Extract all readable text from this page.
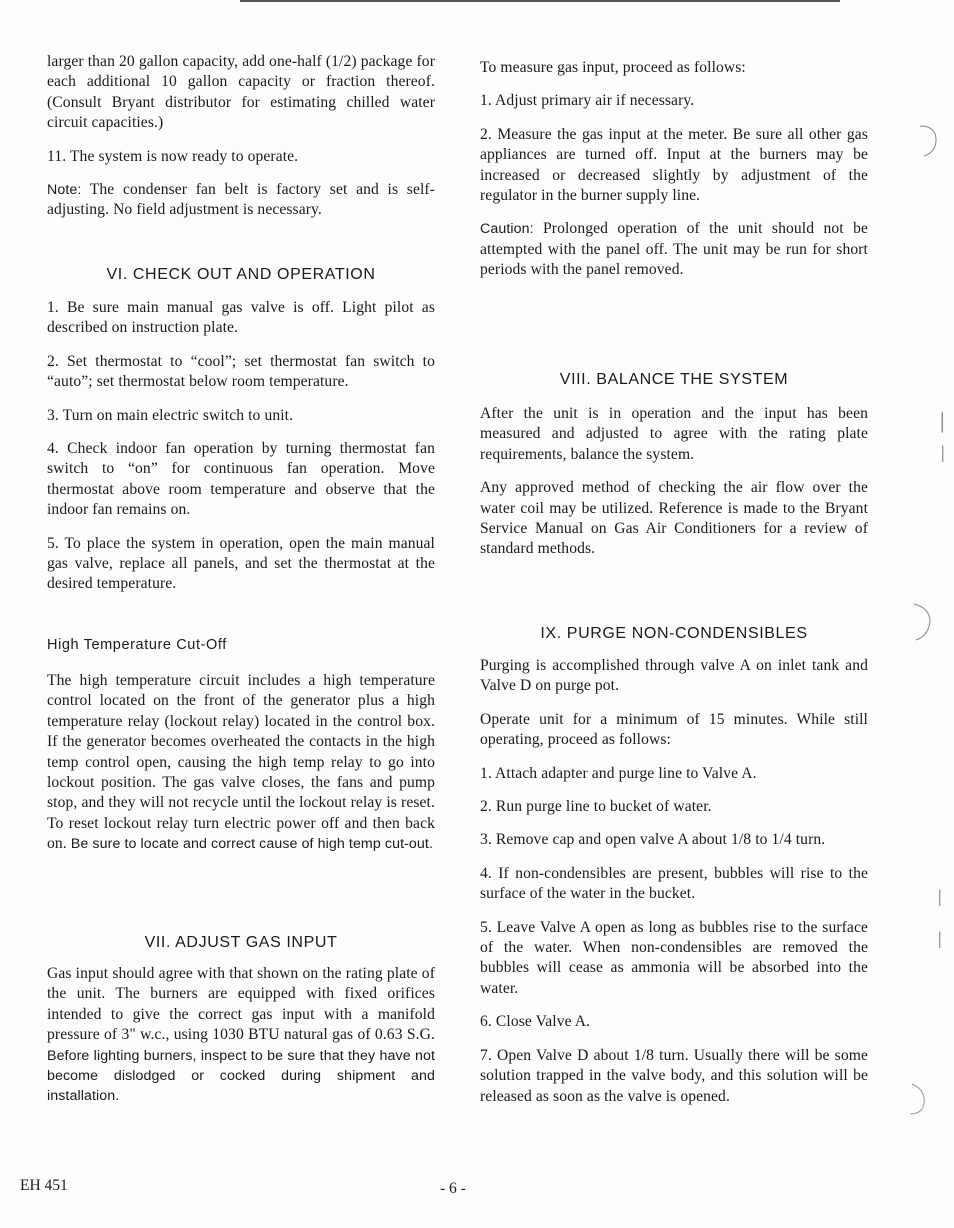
larger than 20 gallon capacity, add one-half (1/2) package for each additional 10 gallon capacity or fraction thereof. (Consult Bryant distributor for estimating chilled water circuit capacities.)

11. The system is now ready to operate.

Note: The condenser fan belt is factory set and is self-adjusting. No field adjustment is necessary.

VI. CHECK OUT AND OPERATION

1. Be sure main manual gas valve is off. Light pilot as described on instruction plate.

2. Set thermostat to “cool”; set thermostat fan switch to “auto”; set thermostat below room temperature.

3. Turn on main electric switch to unit.

4. Check indoor fan operation by turning thermostat fan switch to “on” for continuous fan operation. Move thermostat above room temperature and observe that the indoor fan remains on.

5. To place the system in operation, open the main manual gas valve, replace all panels, and set the thermostat at the desired temperature.

High Temperature Cut-Off

The high temperature circuit includes a high temperature control located on the front of the generator plus a high temperature relay (lockout relay) located in the control box. If the generator becomes overheated the contacts in the high temp control open, causing the high temp relay to go into lockout position. The gas valve closes, the fans and pump stop, and they will not recycle until the lockout relay is reset. To reset lockout relay turn electric power off and then back on. Be sure to locate and correct cause of high temp cut-out.

VII. ADJUST GAS INPUT

Gas input should agree with that shown on the rating plate of the unit. The burners are equipped with fixed orifices intended to give the correct gas input with a manifold pressure of 3" w.c., using 1030 BTU natural gas of 0.63 S.G. Before lighting burners, inspect to be sure that they have not become dislodged or cocked during shipment and installation.

To measure gas input, proceed as follows:

1. Adjust primary air if necessary.

2. Measure the gas input at the meter. Be sure all other gas appliances are turned off. Input at the burners may be increased or decreased slightly by adjustment of the regulator in the burner supply line.

Caution: Prolonged operation of the unit should not be attempted with the panel off. The unit may be run for short periods with the panel removed.

VIII. BALANCE THE SYSTEM

After the unit is in operation and the input has been measured and adjusted to agree with the rating plate requirements, balance the system.

Any approved method of checking the air flow over the water coil may be utilized. Reference is made to the Bryant Service Manual on Gas Air Conditioners for a review of standard methods.

IX. PURGE NON-CONDENSIBLES

Purging is accomplished through valve A on inlet tank and Valve D on purge pot.

Operate unit for a minimum of 15 minutes. While still operating, proceed as follows:

1. Attach adapter and purge line to Valve A.

2. Run purge line to bucket of water.

3. Remove cap and open valve A about 1/8 to 1/4 turn.

4. If non-condensibles are present, bubbles will rise to the surface of the water in the bucket.

5. Leave Valve A open as long as bubbles rise to the surface of the water. When non-condensibles are removed the bubbles will cease as ammonia will be absorbed into the water.

6. Close Valve A.

7. Open Valve D about 1/8 turn. Usually there will be some solution trapped in the valve body, and this solution will be released as soon as the valve is opened.

|
|
|
|
EH 451	- 6 -
